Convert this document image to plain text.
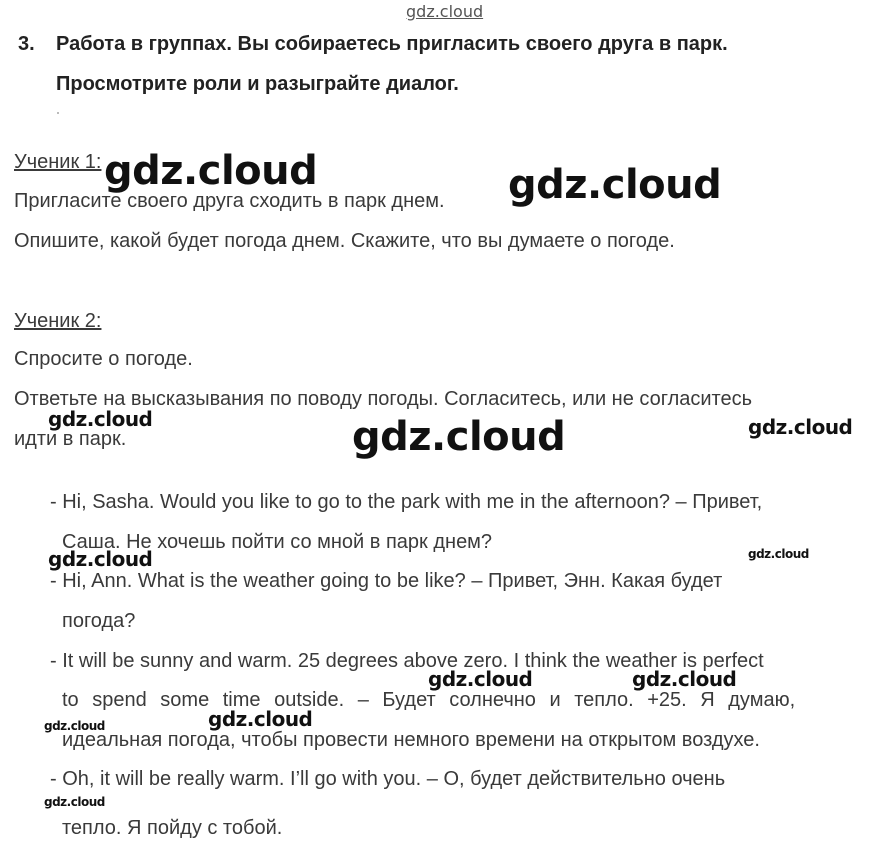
gdz.cloud
3. Работа в группах. Вы собираетесь пригласить своего друга в парк.
Просмотрите роли и разыграйте диалог.
Ученик 1:
Пригласите своего друга сходить в парк днем.
Опишите, какой будет погода днем. Скажите, что вы думаете о погоде.
Ученик 2:
Спросите о погоде.
Ответьте на высказывания по поводу погоды. Согласитесь, или не согласитесь
идти в парк.
- Hi, Sasha. Would you like to go to the park with me in the afternoon? – Привет,
Саша. Не хочешь пойти со мной в парк днем?
- Hi, Ann. What is the weather going to be like? – Привет, Энн. Какая будет
погода?
- It will be sunny and warm. 25 degrees above zero. I think the weather is perfect
to spend some time outside. – Будет солнечно и тепло. +25. Я думаю,
идеальная погода, чтобы провести немного времени на открытом воздухе.
- Oh, it will be really warm. I’ll go with you. – О, будет действительно очень
тепло. Я пойду с тобой.
gdz.cloud	gdz.cloud
gdz.cloud
gdz.cloud	gdz.cloud
gdz.cloud
gdz.cloud	gdz.cloud
gdz.cloud
gdz.cloud
gdz.cloud
gdz.cloud
